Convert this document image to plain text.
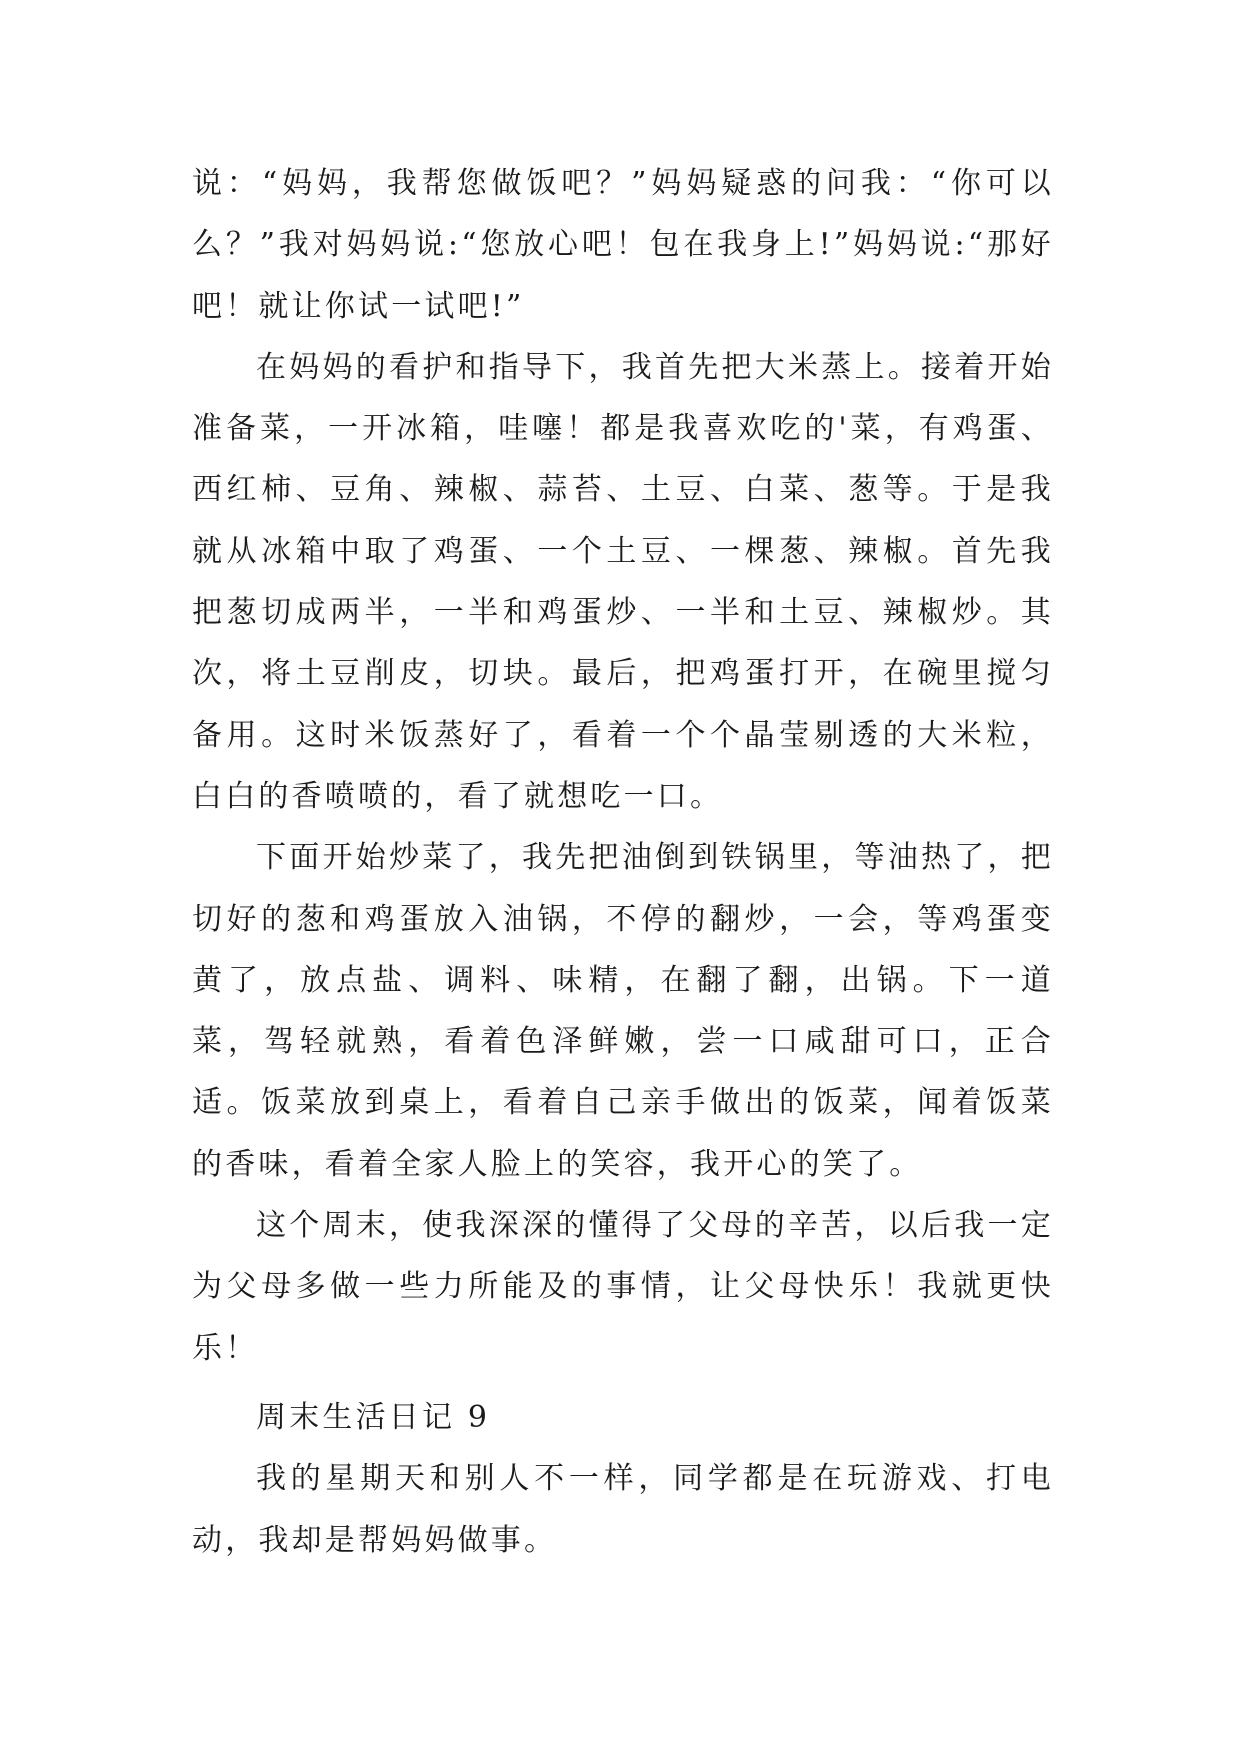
说：“妈妈，我帮您做饭吧？”妈妈疑惑的问我：“你可以么？”我对妈妈说:“您放心吧！包在我身上!”妈妈说:“那好吧！就让你试一试吧!”

在妈妈的看护和指导下，我首先把大米蒸上。接着开始准备菜，一开冰箱，哇噻！都是我喜欢吃的'菜，有鸡蛋、西红柿、豆角、辣椒、蒜苔、土豆、白菜、葱等。于是我就从冰箱中取了鸡蛋、一个土豆、一棵葱、辣椒。首先我把葱切成两半，一半和鸡蛋炒、一半和土豆、辣椒炒。其次，将土豆削皮，切块。最后，把鸡蛋打开，在碗里搅匀备用。这时米饭蒸好了，看着一个个晶莹剔透的大米粒，白白的香喷喷的，看了就想吃一口。

下面开始炒菜了，我先把油倒到铁锅里，等油热了，把切好的葱和鸡蛋放入油锅，不停的翻炒，一会，等鸡蛋变黄了，放点盐、调料、味精，在翻了翻，出锅。下一道菜，驾轻就熟，看着色泽鲜嫩，尝一口咸甜可口，正合适。饭菜放到桌上，看着自己亲手做出的饭菜，闻着饭菜的香味，看着全家人脸上的笑容，我开心的笑了。

这个周末，使我深深的懂得了父母的辛苦，以后我一定为父母多做一些力所能及的事情，让父母快乐！我就更快乐！

周末生活日记 9

我的星期天和别人不一样，同学都是在玩游戏、打电动，我却是帮妈妈做事。
